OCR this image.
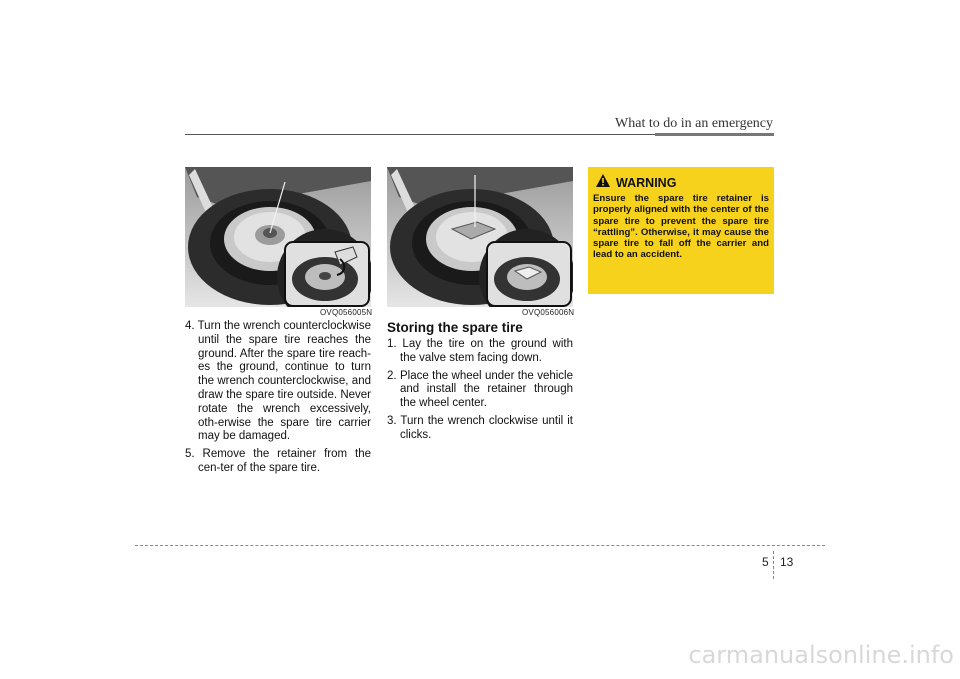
What to do in an emergency
OVQ056005N	OVQ056006N

4. Turn the wrench counterclockwise until the spare tire reaches the ground. After the spare tire reach-es the ground, continue to turn the wrench counterclockwise, and draw the spare tire outside. Never rotate the wrench excessively, oth-erwise the spare tire carrier may be damaged.

5. Remove the retainer from the cen-ter of the spare tire.

Storing the spare tire

1. Lay the tire on the ground with the valve stem facing down.

2. Place the wheel under the vehicle and install the retainer through the wheel center.

3. Turn the wrench clockwise until it clicks.

WARNING
Ensure the spare tire retainer is properly aligned with the center of the spare tire to prevent the spare tire “rattling”. Otherwise, it may cause the spare tire to fall off the carrier and lead to an accident.
5 13
carmanualsonline.info
